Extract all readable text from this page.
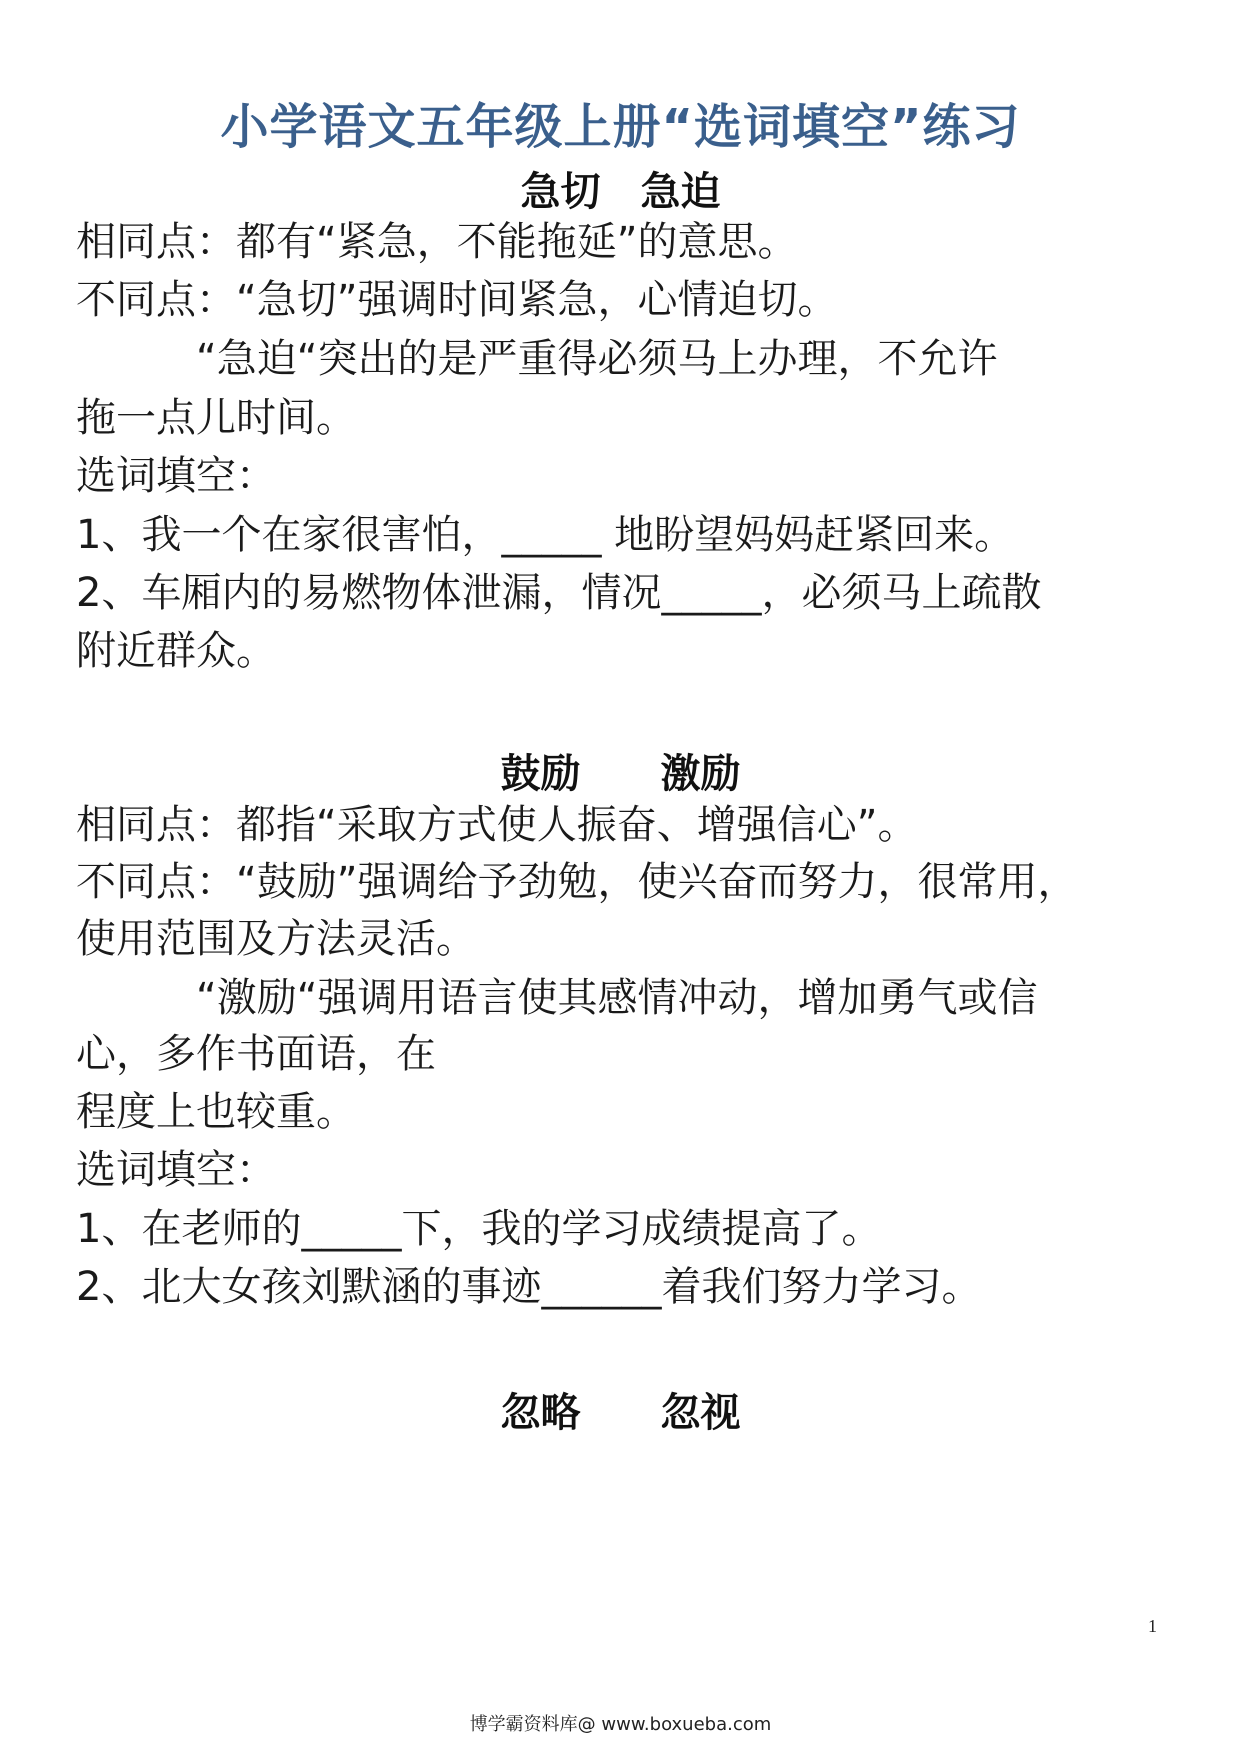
小学语文五年级上册“选词填空”练习
急切　急迫
相同点：都有“紧急，不能拖延”的意思。
不同点：“急切”强调时间紧急，心情迫切。
　　　“急迫“突出的是严重得必须马上办理，不允许
拖一点儿时间。
选词填空：
1、我一个在家很害怕，_____ 地盼望妈妈赶紧回来。
2、车厢内的易燃物体泄漏，情况_____，必须马上疏散
附近群众。
鼓励　　激励
相同点：都指“采取方式使人振奋、增强信心”。
不同点：“鼓励”强调给予劲勉，使兴奋而努力，很常用，
使用范围及方法灵活。
　　　“激励“强调用语言使其感情冲动，增加勇气或信
心，多作书面语，在
程度上也较重。
选词填空：
1、在老师的_____下，我的学习成绩提高了。
2、北大女孩刘默涵的事迹______着我们努力学习。
忽略　　忽视
1
博学霸资料库@ www.boxueba.com
